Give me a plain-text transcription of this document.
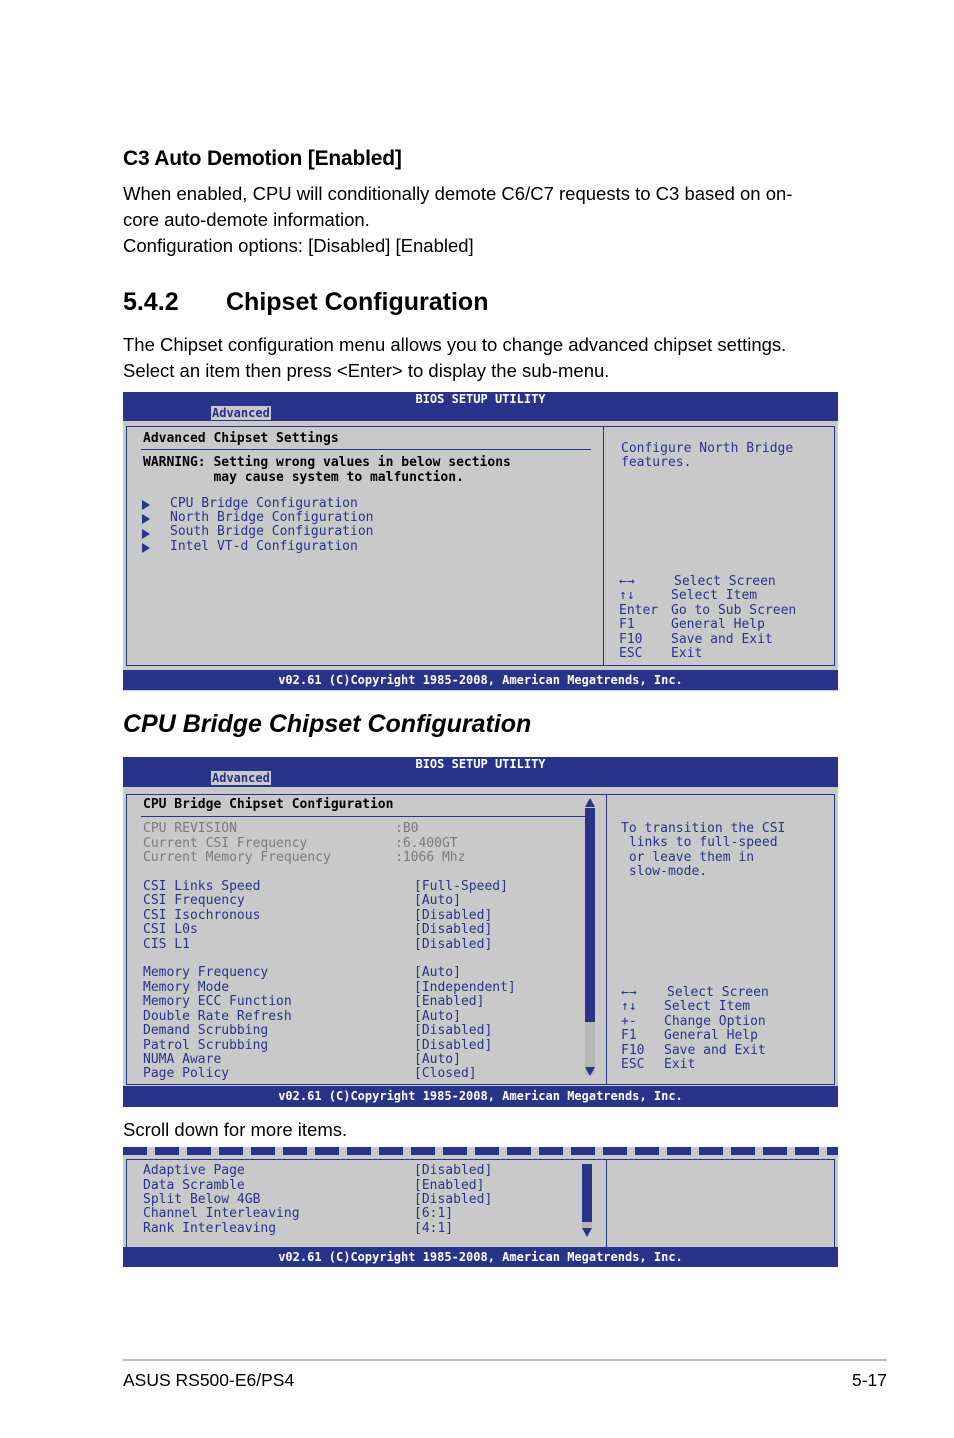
C3 Auto Demotion [Enabled]
When enabled, CPU will conditionally demote C6/C7 requests to C3 based on on-
core auto-demote information.
Configuration options: [Disabled] [Enabled]
5.4.2 Chipset Configuration
The Chipset configuration menu allows you to change advanced chipset settings.
Select an item then press <Enter> to display the sub-menu.
BIOS SETUP UTILITY
Advanced
Advanced Chipset Settings
WARNING: Setting wrong values in below sections
may cause system to malfunction.
CPU Bridge Configuration
North Bridge Configuration
South Bridge Configuration
Intel VT-d Configuration
Configure North Bridge
features.
←→	Select Screen
↑↓	Select Item
Enter Go to Sub Screen
F1	General Help
F10 Save and Exit
ESC Exit
v02.61 (C)Copyright 1985-2008, American Megatrends, Inc.
CPU Bridge Chipset Configuration
BIOS SETUP UTILITY
Advanced
CPU Bridge Chipset Configuration
CPU REVISION	:B0
Current CSI Frequency	:6.400GT
Current Memory Frequency	:1066 Mhz
CSI Links Speed	[Full-Speed]
CSI Frequency	[Auto]
CSI Isochronous	[Disabled]
CSI L0s	[Disabled]
CIS L1	[Disabled]
Memory Frequency	[Auto]
Memory Mode	[Independent]
Memory ECC Function	[Enabled]
Double Rate Refresh	[Auto]
Demand Scrubbing	[Disabled]
Patrol Scrubbing	[Disabled]
NUMA Aware	[Auto]
Page Policy	[Closed]
To transition the CSI
links to full-speed
or leave them in
slow-mode.
←→ Select Screen
↑↓ Select Item
+- Change Option
F1 General Help
F10 Save and Exit
ESC Exit
v02.61 (C)Copyright 1985-2008, American Megatrends, Inc.
Scroll down for more items.
Adaptive Page	[Disabled]
Data Scramble	[Enabled]
Split Below 4GB	[Disabled]
Channel Interleaving	[6:1]
Rank Interleaving	[4:1]
v02.61 (C)Copyright 1985-2008, American Megatrends, Inc.
ASUS RS500-E6/PS4	5-17
